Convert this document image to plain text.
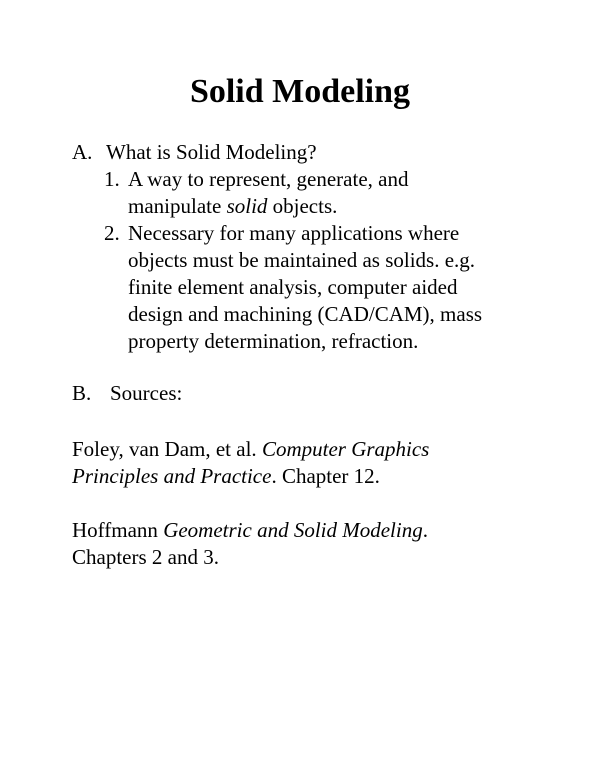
Solid Modeling
A. What is Solid Modeling?
1. A way to represent, generate, and
manipulate solid objects.
2. Necessary for many applications where
objects must be maintained as solids. e.g.
finite element analysis, computer aided
design and machining (CAD/CAM), mass
property determination, refraction.
B. Sources:
Foley, van Dam, et al. Computer Graphics
Principles and Practice. Chapter 12.
Hoffmann Geometric and Solid Modeling.
Chapters 2 and 3.
